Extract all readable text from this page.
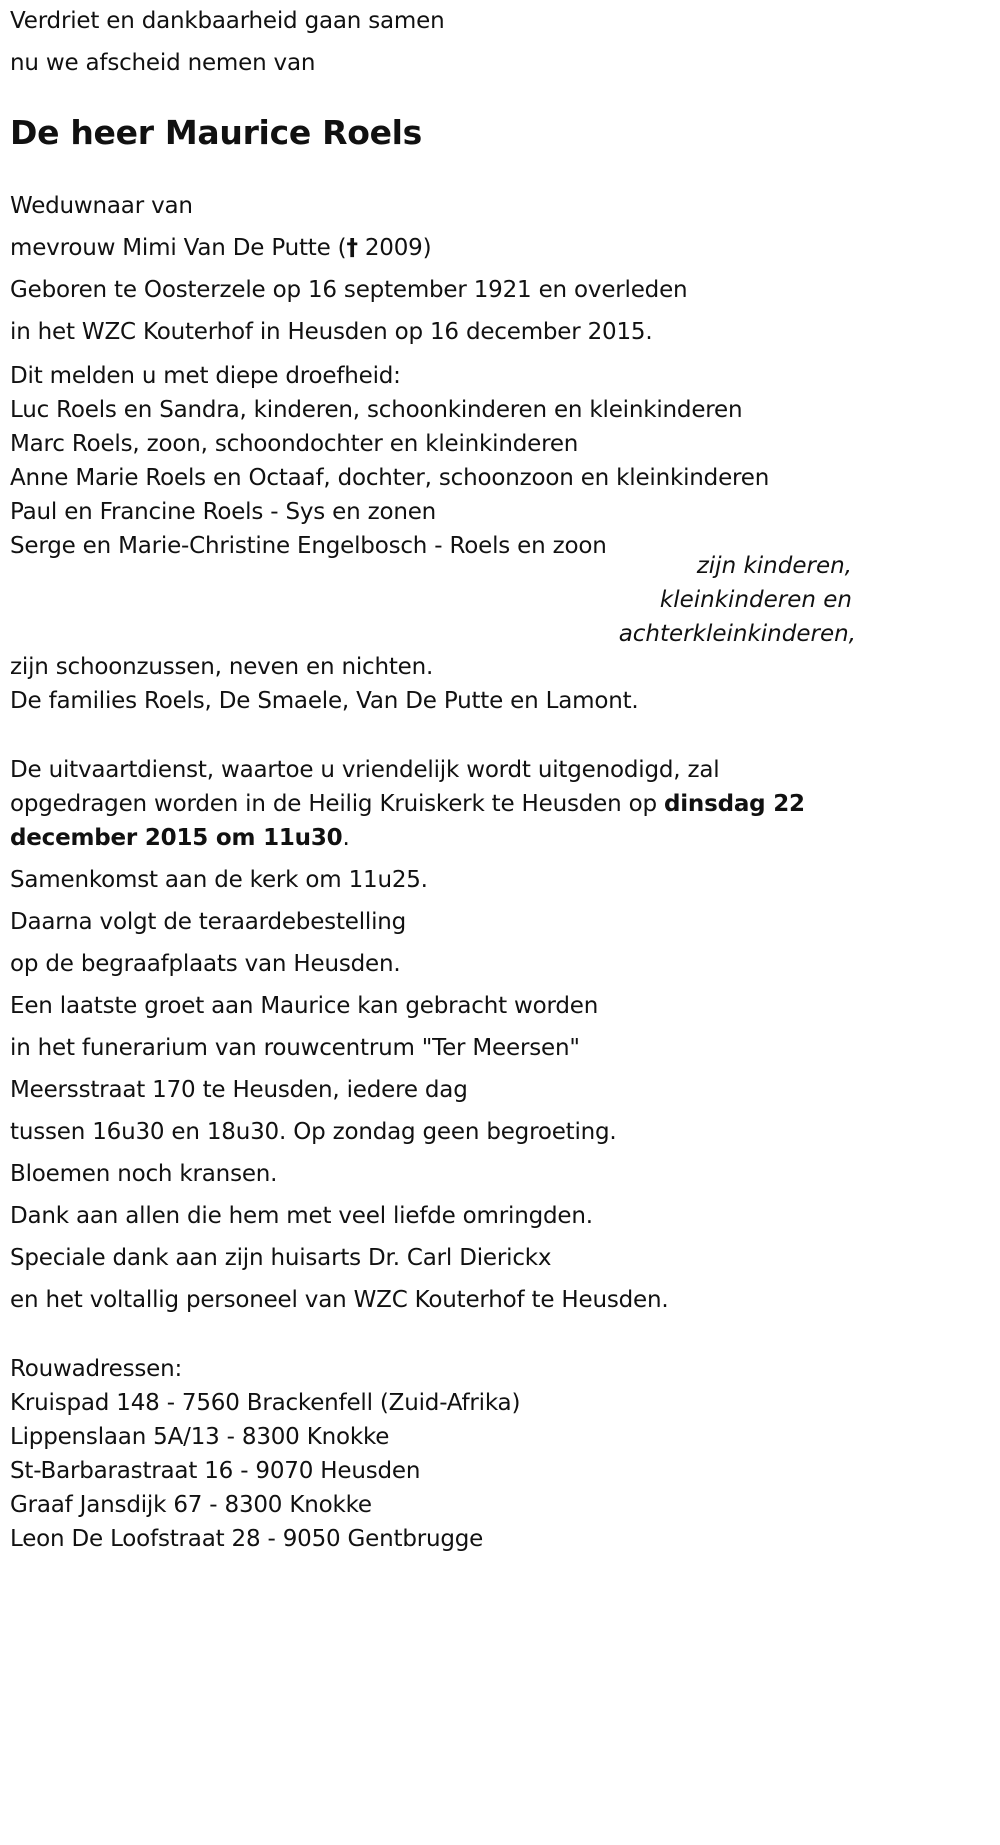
Verdriet en dankbaarheid gaan samen
nu we afscheid nemen van
De heer Maurice Roels
Weduwnaar van
mevrouw Mimi Van De Putte († 2009)
Geboren te Oosterzele op 16 september 1921 en overleden
in het WZC Kouterhof in Heusden op 16 december 2015.
Dit melden u met diepe droefheid:
Luc Roels en Sandra, kinderen, schoonkinderen en kleinkinderen
Marc Roels, zoon, schoondochter en kleinkinderen
Anne Marie Roels en Octaaf, dochter, schoonzoon en kleinkinderen
Paul en Francine Roels - Sys en zonen
Serge en Marie-Christine Engelbosch - Roels en zoon
zijn kinderen,
kleinkinderen en
achterkleinkinderen,
zijn schoonzussen, neven en nichten.
De families Roels, De Smaele, Van De Putte en Lamont.
De uitvaartdienst, waartoe u vriendelijk wordt uitgenodigd, zal
opgedragen worden in de Heilig Kruiskerk te Heusden op dinsdag 22
december 2015 om 11u30.
Samenkomst aan de kerk om 11u25.
Daarna volgt de teraardebestelling
op de begraafplaats van Heusden.
Een laatste groet aan Maurice kan gebracht worden
in het funerarium van rouwcentrum "Ter Meersen"
Meersstraat 170 te Heusden, iedere dag
tussen 16u30 en 18u30. Op zondag geen begroeting.
Bloemen noch kransen.
Dank aan allen die hem met veel liefde omringden.
Speciale dank aan zijn huisarts Dr. Carl Dierickx
en het voltallig personeel van WZC Kouterhof te Heusden.
Rouwadressen:
Kruispad 148 - 7560 Brackenfell (Zuid-Afrika)
Lippenslaan 5A/13 - 8300 Knokke
St-Barbarastraat 16 - 9070 Heusden
Graaf Jansdijk 67 - 8300 Knokke
Leon De Loofstraat 28 - 9050 Gentbrugge
